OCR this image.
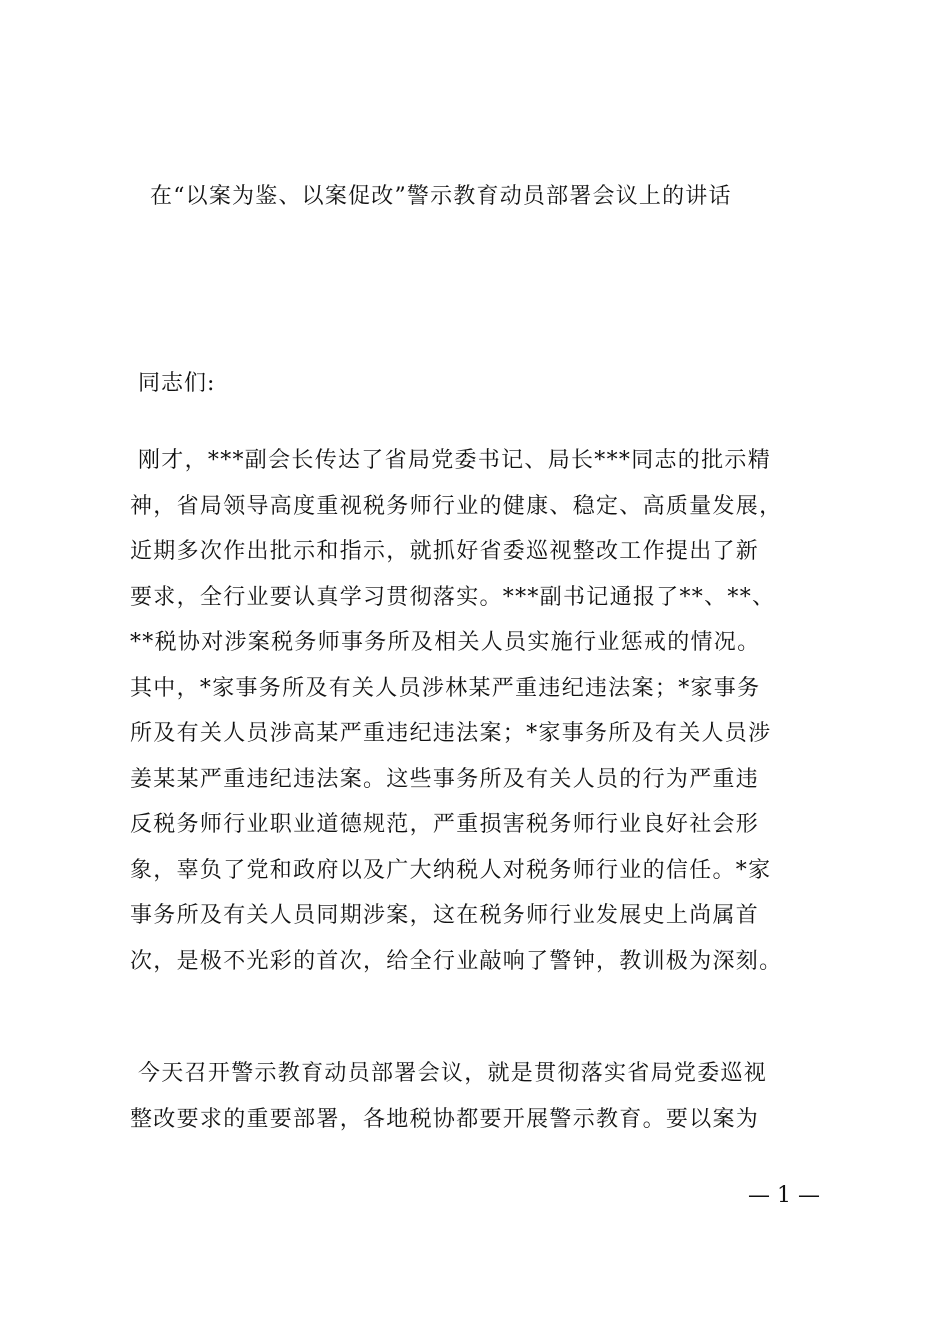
在“以案为鉴、以案促改”警示教育动员部署会议上的讲话
同志们:
刚才，***副会长传达了省局党委书记、局长***同志的批示精
神，省局领导高度重视税务师行业的健康、稳定、高质量发展，
近期多次作出批示和指示，就抓好省委巡视整改工作提出了新
要求，全行业要认真学习贯彻落实。***副书记通报了**、**、
**税协对涉案税务师事务所及相关人员实施行业惩戒的情况。
其中，*家事务所及有关人员涉林某严重违纪违法案；*家事务
所及有关人员涉高某严重违纪违法案；*家事务所及有关人员涉
姜某某严重违纪违法案。这些事务所及有关人员的行为严重违
反税务师行业职业道德规范，严重损害税务师行业良好社会形
象，辜负了党和政府以及广大纳税人对税务师行业的信任。*家
事务所及有关人员同期涉案，这在税务师行业发展史上尚属首
次，是极不光彩的首次，给全行业敲响了警钟，教训极为深刻。
今天召开警示教育动员部署会议，就是贯彻落实省局党委巡视
整改要求的重要部署，各地税协都要开展警示教育。要以案为
— 1 —
